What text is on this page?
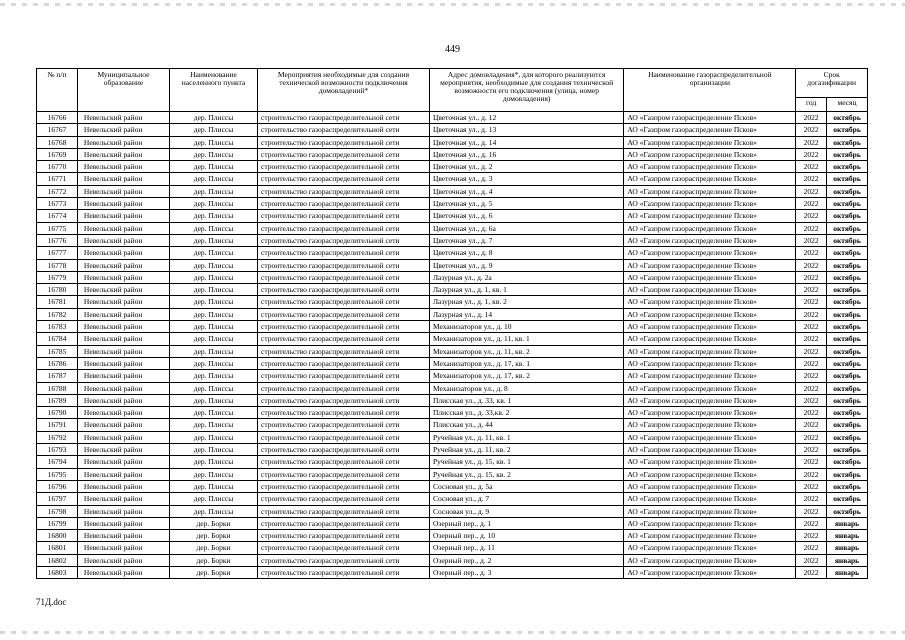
449
№ п/п	Муниципальное образование	Наименование населенного пункта	Мероприятия необходимые для создания технической возможности подключения домовладений*	Адрес домовладения*, для которого реализуются мероприятия, необходимые для создания технической возможности его подключения (улица, номер домовладения)	Наименование газораспределительной организации	Срок догазификации	
						год	месяц
16766	Невельский район	дер. Плиссы	строительство газораспределительной сети	Цветочная ул., д. 12	АО «Газпром газораспределение Псков»	2022	октябрь
16767	Невельский район	дер. Плиссы	строительство газораспределительной сети	Цветочная ул., д. 13	АО «Газпром газораспределение Псков»	2022	октябрь
16768	Невельский район	дер. Плиссы	строительство газораспределительной сети	Цветочная ул., д. 14	АО «Газпром газораспределение Псков»	2022	октябрь
16769	Невельский район	дер. Плиссы	строительство газораспределительной сети	Цветочная ул., д. 16	АО «Газпром газораспределение Псков»	2022	октябрь
16770	Невельский район	дер. Плиссы	строительство газораспределительной сети	Цветочная ул., д. 2	АО «Газпром газораспределение Псков»	2022	октябрь
16771	Невельский район	дер. Плиссы	строительство газораспределительной сети	Цветочная ул., д. 3	АО «Газпром газораспределение Псков»	2022	октябрь
16772	Невельский район	дер. Плиссы	строительство газораспределительной сети	Цветочная ул., д. 4	АО «Газпром газораспределение Псков»	2022	октябрь
16773	Невельский район	дер. Плиссы	строительство газораспределительной сети	Цветочная ул., д. 5	АО «Газпром газораспределение Псков»	2022	октябрь
16774	Невельский район	дер. Плиссы	строительство газораспределительной сети	Цветочная ул., д. 6	АО «Газпром газораспределение Псков»	2022	октябрь
16775	Невельский район	дер. Плиссы	строительство газораспределительной сети	Цветочная ул., д. 6а	АО «Газпром газораспределение Псков»	2022	октябрь
16776	Невельский район	дер. Плиссы	строительство газораспределительной сети	Цветочная ул., д. 7	АО «Газпром газораспределение Псков»	2022	октябрь
16777	Невельский район	дер. Плиссы	строительство газораспределительной сети	Цветочная ул., д. 8	АО «Газпром газораспределение Псков»	2022	октябрь
16778	Невельский район	дер. Плиссы	строительство газораспределительной сети	Цветочная ул., д. 9	АО «Газпром газораспределение Псков»	2022	октябрь
16779	Невельский район	дер. Плиссы	строительство газораспределительной сети	Лазурная ул., д. 2а	АО «Газпром газораспределение Псков»	2022	октябрь
16780	Невельский район	дер. Плиссы	строительство газораспределительной сети	Лазурная ул., д. 1, кв. 1	АО «Газпром газораспределение Псков»	2022	октябрь
16781	Невельский район	дер. Плиссы	строительство газораспределительной сети	Лазурная ул., д. 1, кв. 2	АО «Газпром газораспределение Псков»	2022	октябрь
16782	Невельский район	дер. Плиссы	строительство газораспределительной сети	Лазурная ул., д. 14	АО «Газпром газораспределение Псков»	2022	октябрь
16783	Невельский район	дер. Плиссы	строительство газораспределительной сети	Механизаторов ул., д. 10	АО «Газпром газораспределение Псков»	2022	октябрь
16784	Невельский район	дер. Плиссы	строительство газораспределительной сети	Механизаторов ул., д. 11, кв. 1	АО «Газпром газораспределение Псков»	2022	октябрь
16785	Невельский район	дер. Плиссы	строительство газораспределительной сети	Механизаторов ул., д. 11, кв. 2	АО «Газпром газораспределение Псков»	2022	октябрь
16786	Невельский район	дер. Плиссы	строительство газораспределительной сети	Механизаторов ул., д. 17, кв. 1	АО «Газпром газораспределение Псков»	2022	октябрь
16787	Невельский район	дер. Плиссы	строительство газораспределительной сети	Механизаторов ул., д. 17, кв. 2	АО «Газпром газораспределение Псков»	2022	октябрь
16788	Невельский район	дер. Плиссы	строительство газораспределительной сети	Механизаторов ул., д. 8	АО «Газпром газораспределение Псков»	2022	октябрь
16789	Невельский район	дер. Плиссы	строительство газораспределительной сети	Плисская ул., д. 33, кв. 1	АО «Газпром газораспределение Псков»	2022	октябрь
16790	Невельский район	дер. Плиссы	строительство газораспределительной сети	Плисская ул., д. 33,кв. 2	АО «Газпром газораспределение Псков»	2022	октябрь
16791	Невельский район	дер. Плиссы	строительство газораспределительной сети	Плисская ул., д. 44	АО «Газпром газораспределение Псков»	2022	октябрь
16792	Невельский район	дер. Плиссы	строительство газораспределительной сети	Ручейная ул., д. 11, кв. 1	АО «Газпром газораспределение Псков»	2022	октябрь
16793	Невельский район	дер. Плиссы	строительство газораспределительной сети	Ручейная ул., д. 11, кв. 2	АО «Газпром газораспределение Псков»	2022	октябрь
16794	Невельский район	дер. Плиссы	строительство газораспределительной сети	Ручейная ул., д. 15, кв. 1	АО «Газпром газораспределение Псков»	2022	октябрь
16795	Невельский район	дер. Плиссы	строительство газораспределительной сети	Ручейная ул., д. 15, кв. 2	АО «Газпром газораспределение Псков»	2022	октябрь
16796	Невельский район	дер. Плиссы	строительство газораспределительной сети	Сосновая ул., д. 5а	АО «Газпром газораспределение Псков»	2022	октябрь
16797	Невельский район	дер. Плиссы	строительство газораспределительной сети	Сосновая ул., д. 7	АО «Газпром газораспределение Псков»	2022	октябрь
16798	Невельский район	дер. Плиссы	строительство газораспределительной сети	Сосновая ул., д. 9	АО «Газпром газораспределение Псков»	2022	октябрь
16799	Невельский район	дер. Борки	строительство газораспределительной сети	Озерный пер., д. 1	АО «Газпром газораспределение Псков»	2022	январь
16800	Невельский район	дер. Борки	строительство газораспределительной сети	Озерный пер., д. 10	АО «Газпром газораспределение Псков»	2022	январь
16801	Невельский район	дер. Борки	строительство газораспределительной сети	Озерный пер., д. 11	АО «Газпром газораспределение Псков»	2022	январь
16802	Невельский район	дер. Борки	строительство газораспределительной сети	Озерный пер., д. 2	АО «Газпром газораспределение Псков»	2022	январь
16803	Невельский район	дер. Борки	строительство газораспределительной сети	Озерный пер., д. 3	АО «Газпром газораспределение Псков»	2022	январь
71Д.doc
